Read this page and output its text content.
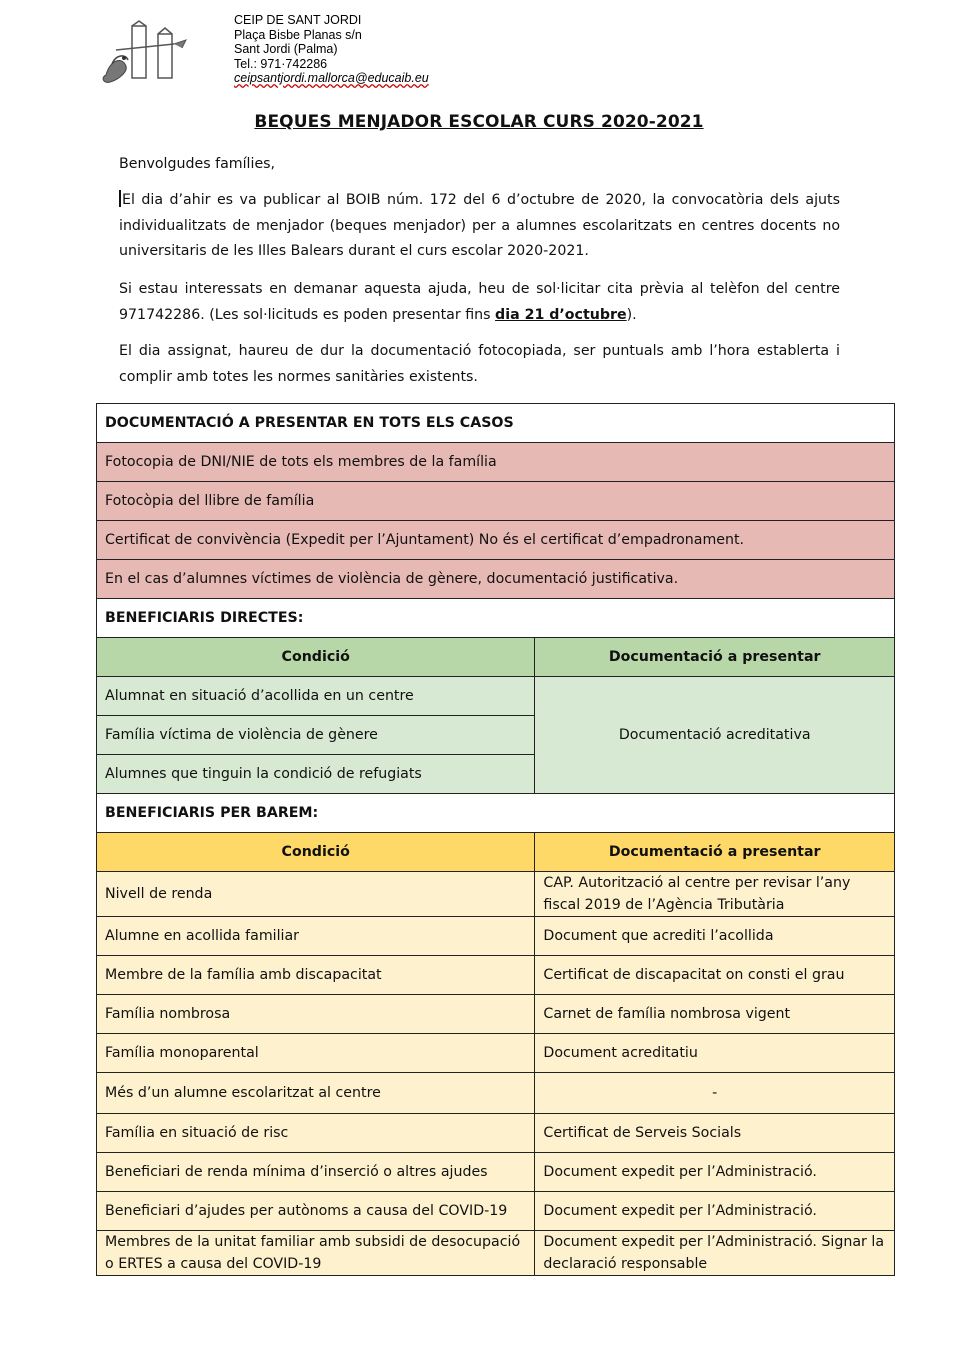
CEIP DE SANT JORDI
Plaça Bisbe Planas s/n
Sant Jordi (Palma)
Tel.: 971·742286
ceipsantjordi.mallorca@educaib.eu
BEQUES MENJADOR ESCOLAR CURS 2020-2021
Benvolgudes famílies,
El dia d’ahir es va publicar al BOIB núm. 172 del 6 d’octubre de 2020, la convocatòria dels ajuts individualitzats de menjador (beques menjador) per a alumnes escolaritzats en centres docents no universitaris de les Illes Balears durant el curs escolar 2020-2021.
Si estau interessats en demanar aquesta ajuda, heu de sol·licitar cita prèvia al telèfon del centre 971742286. (Les sol·licituds es poden presentar fins dia 21 d’octubre).
El dia assignat, haureu de dur la documentació fotocopiada, ser puntuals amb l’hora establerta i complir amb totes les normes sanitàries existents.
DOCUMENTACIÓ A PRESENTAR EN TOTS ELS CASOS	
Fotocopia de DNI/NIE de tots els membres de la família	
Fotocòpia del llibre de família	
Certificat de convivència (Expedit per l’Ajuntament) No és el certificat d’empadronament.	
En el cas d’alumnes víctimes de violència de gènere, documentació justificativa.	
BENEFICIARIS DIRECTES:	
Condició	Documentació a presentar
Alumnat en situació d’acollida en un centre	Documentació acreditativa
Família víctima de violència de gènere	
Alumnes que tinguin la condició de refugiats	
BENEFICIARIS PER BAREM:	
Condició	Documentació a presentar
Nivell de renda	CAP. Autorització al centre per revisar l’any fiscal 2019 de l’Agència Tributària
Alumne en acollida familiar	Document que acrediti l’acollida
Membre de la família amb discapacitat	Certificat de discapacitat on consti el grau
Família nombrosa	Carnet de família nombrosa vigent
Família monoparental	Document acreditatiu
Més d’un alumne escolaritzat al centre	-
Família en situació de risc	Certificat de Serveis Socials
Beneficiari de renda mínima d’inserció o altres ajudes	Document expedit per l’Administració.
Beneficiari d’ajudes per autònoms a causa del COVID-19	Document expedit per l’Administració.
Membres de la unitat familiar amb subsidi de desocupació o ERTES a causa del COVID-19	Document expedit per l’Administració. Signar la declaració responsable
